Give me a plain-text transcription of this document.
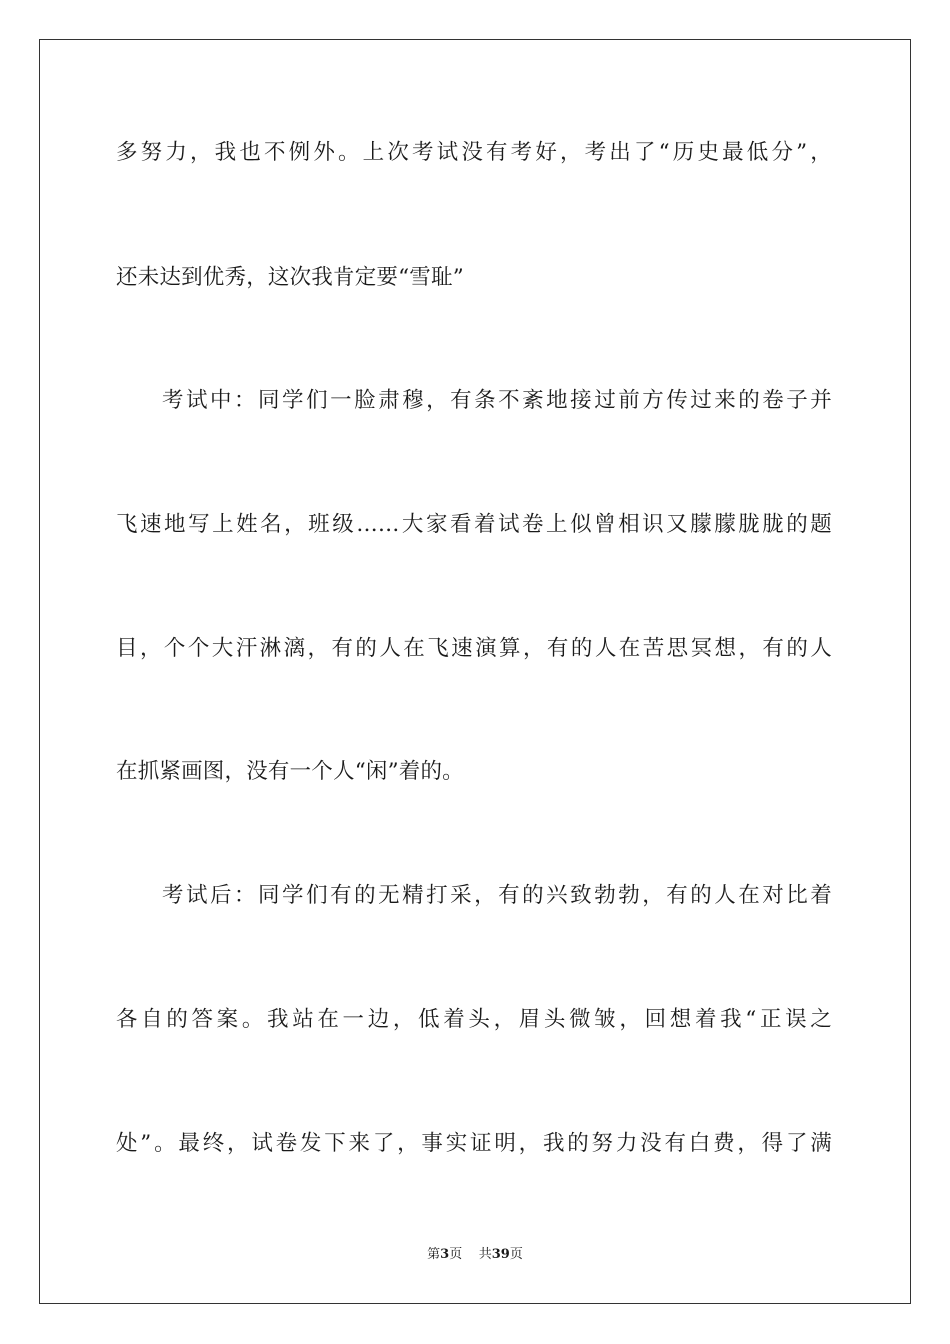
多努力，我也不例外。上次考试没有考好，考出了“历史最低分”，
还未达到优秀，这次我肯定要“雪耻”
考试中：同学们一脸肃穆，有条不紊地接过前方传过来的卷子并
飞速地写上姓名，班级……大家看着试卷上似曾相识又朦朦胧胧的题
目，个个大汗淋漓，有的人在飞速演算，有的人在苦思冥想，有的人
在抓紧画图，没有一个人“闲”着的。
考试后：同学们有的无精打采，有的兴致勃勃，有的人在对比着
各自的答案。我站在一边，低着头，眉头微皱，回想着我“正误之
处”。最终，试卷发下来了，事实证明，我的努力没有白费，得了满
第3页 共39页
